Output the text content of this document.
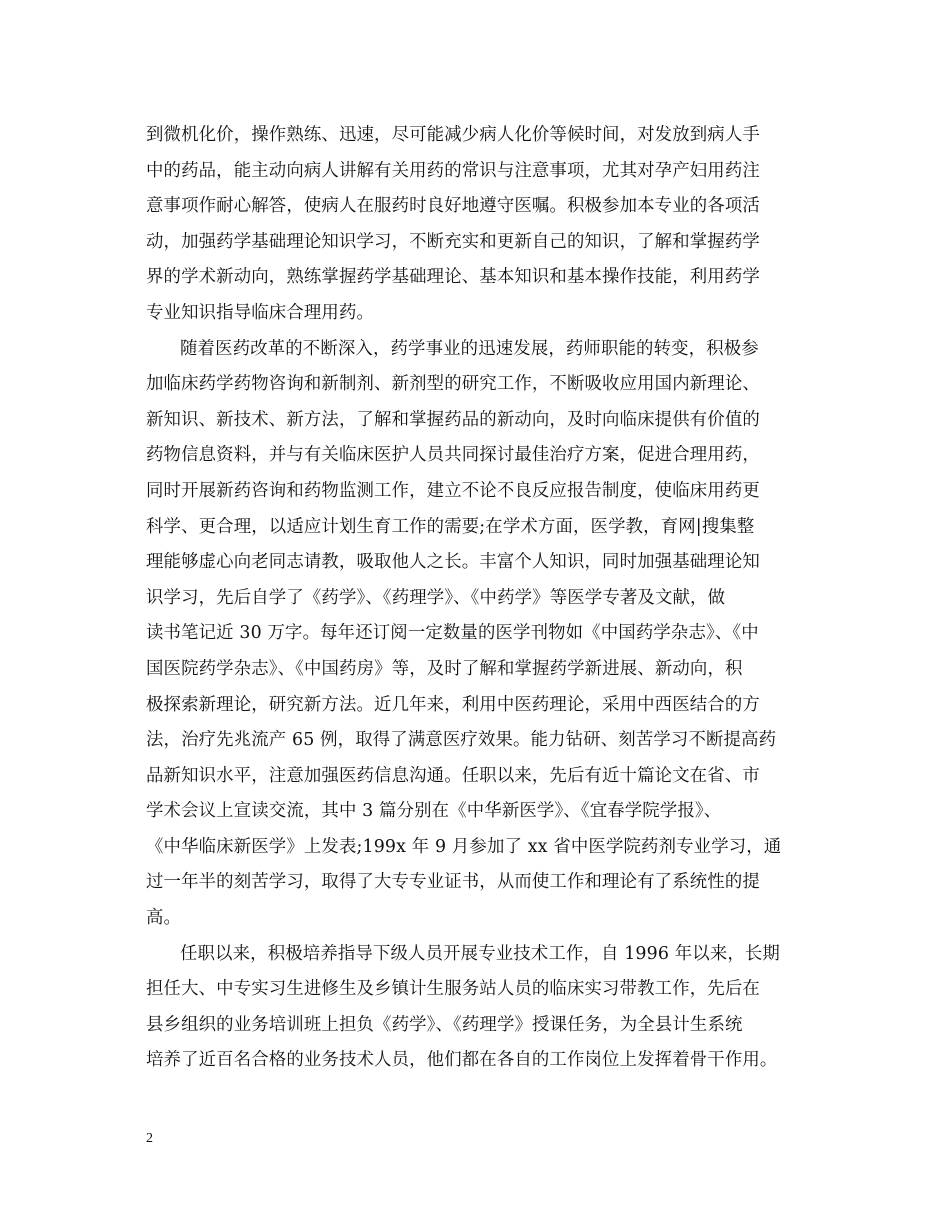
到微机化价，操作熟练、迅速，尽可能减少病人化价等候时间，对发放到病人手
中的药品，能主动向病人讲解有关用药的常识与注意事项，尤其对孕产妇用药注
意事项作耐心解答，使病人在服药时良好地遵守医嘱。积极参加本专业的各项活
动，加强药学基础理论知识学习，不断充实和更新自己的知识，了解和掌握药学
界的学术新动向，熟练掌握药学基础理论、基本知识和基本操作技能，利用药学
专业知识指导临床合理用药。
随着医药改革的不断深入，药学事业的迅速发展，药师职能的转变，积极参
加临床药学药物咨询和新制剂、新剂型的研究工作，不断吸收应用国内新理论、
新知识、新技术、新方法，了解和掌握药品的新动向，及时向临床提供有价值的
药物信息资料，并与有关临床医护人员共同探讨最佳治疗方案，促进合理用药，
同时开展新药咨询和药物监测工作，建立不论不良反应报告制度，使临床用药更
科学、更合理，以适应计划生育工作的需要;在学术方面，医学教，育网|搜集整
理能够虚心向老同志请教，吸取他人之长。丰富个人知识，同时加强基础理论知
识学习，先后自学了《药学》、《药理学》、《中药学》等医学专著及文献，做
读书笔记近 30 万字。每年还订阅一定数量的医学刊物如《中国药学杂志》、《中
国医院药学杂志》、《中国药房》等，及时了解和掌握药学新进展、新动向，积
极探索新理论，研究新方法。近几年来，利用中医药理论，采用中西医结合的方
法，治疗先兆流产 65 例，取得了满意医疗效果。能力钻研、刻苦学习不断提高药
品新知识水平，注意加强医药信息沟通。任职以来，先后有近十篇论文在省、市
学术会议上宣读交流，其中 3 篇分别在《中华新医学》、《宜春学院学报》、
《中华临床新医学》上发表;199x 年 9 月参加了 xx 省中医学院药剂专业学习，通
过一年半的刻苦学习，取得了大专专业证书，从而使工作和理论有了系统性的提
高。
任职以来，积极培养指导下级人员开展专业技术工作，自 1996 年以来，长期
担任大、中专实习生进修生及乡镇计生服务站人员的临床实习带教工作，先后在
县乡组织的业务培训班上担负《药学》、《药理学》授课任务，为全县计生系统
培养了近百名合格的业务技术人员，他们都在各自的工作岗位上发挥着骨干作用。
2
